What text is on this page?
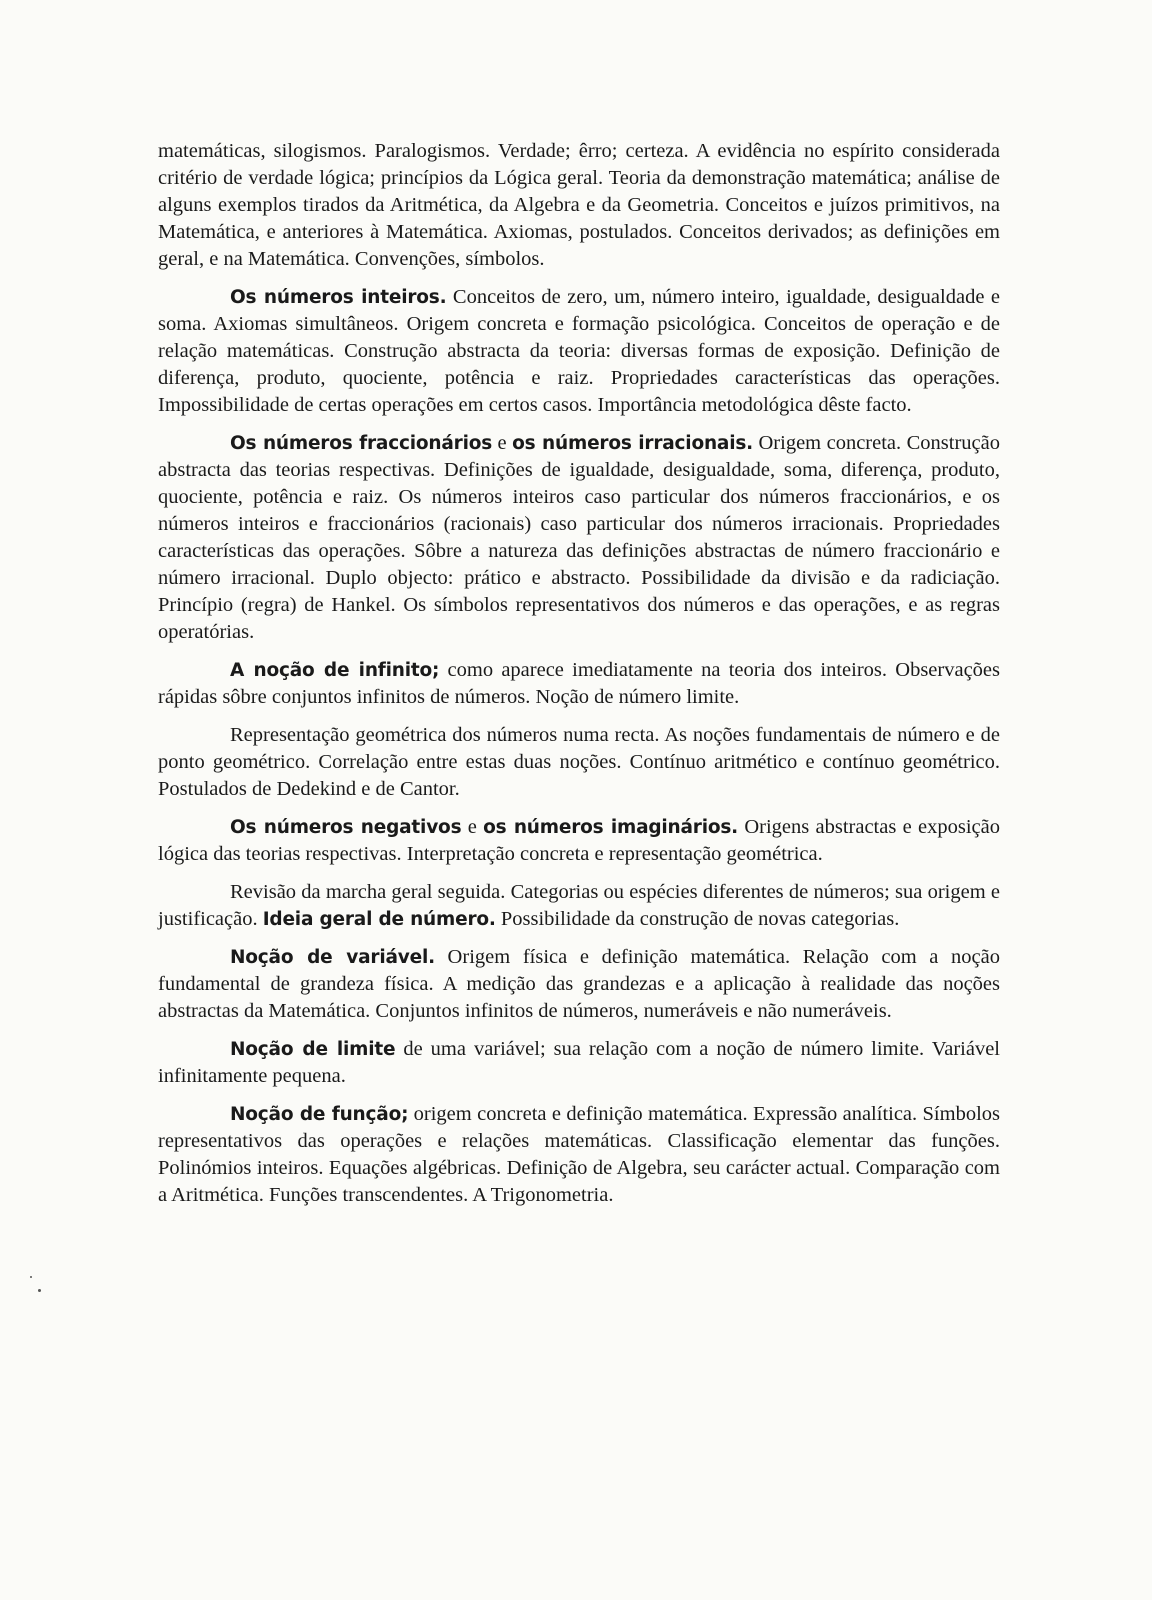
matemáticas, silogismos. Paralogismos. Verdade; êrro; certeza. A evidência no espírito considerada critério de verdade lógica; princípios da Lógica geral. Teoria da demonstração matemática; análise de alguns exemplos tirados da Aritmética, da Algebra e da Geometria. Conceitos e juízos primitivos, na Matemática, e anteriores à Matemática. Axiomas, postulados. Conceitos derivados; as definições em geral, e na Matemática. Convenções, símbolos.

Os números inteiros. Conceitos de zero, um, número inteiro, igualdade, desigualdade e soma. Axiomas simultâneos. Origem concreta e formação psicológica. Conceitos de operação e de relação matemáticas. Construção abstracta da teoria: diversas formas de exposição. Definição de diferença, produto, quociente, potência e raiz. Propriedades características das operações. Impossibilidade de certas operações em certos casos. Importância metodológica dêste facto.

Os números fraccionários e os números irracionais. Origem concreta. Construção abstracta das teorias respectivas. Definições de igualdade, desigualdade, soma, diferença, produto, quociente, potência e raiz. Os números inteiros caso particular dos números fraccionários, e os números inteiros e fraccionários (racionais) caso particular dos números irracionais. Propriedades características das operações. Sôbre a natureza das definições abstractas de número fraccionário e número irracional. Duplo objecto: prático e abstracto. Possibilidade da divisão e da radiciação. Princípio (regra) de Hankel. Os símbolos representativos dos números e das operações, e as regras operatórias.

A noção de infinito; como aparece imediatamente na teoria dos inteiros. Observações rápidas sôbre conjuntos infinitos de números. Noção de número limite.

Representação geométrica dos números numa recta. As noções fundamentais de número e de ponto geométrico. Correlação entre estas duas noções. Contínuo aritmético e contínuo geométrico. Postulados de Dedekind e de Cantor.

Os números negativos e os números imaginários. Origens abstractas e exposição lógica das teorias respectivas. Interpretação concreta e representação geométrica.

Revisão da marcha geral seguida. Categorias ou espécies diferentes de números; sua origem e justificação. Ideia geral de número. Possibilidade da construção de novas categorias.

Noção de variável. Origem física e definição matemática. Relação com a noção fundamental de grandeza física. A medição das grandezas e a aplicação à realidade das noções abstractas da Matemática. Conjuntos infinitos de números, numeráveis e não numeráveis.

Noção de limite de uma variável; sua relação com a noção de número limite. Variável infinitamente pequena.

Noção de função; origem concreta e definição matemática. Expressão analítica. Símbolos representativos das operações e relações matemáticas. Classificação elementar das funções. Polinómios inteiros. Equações algébricas. Definição de Algebra, seu carácter actual. Comparação com a Aritmética. Funções transcendentes. A Trigonometria.
